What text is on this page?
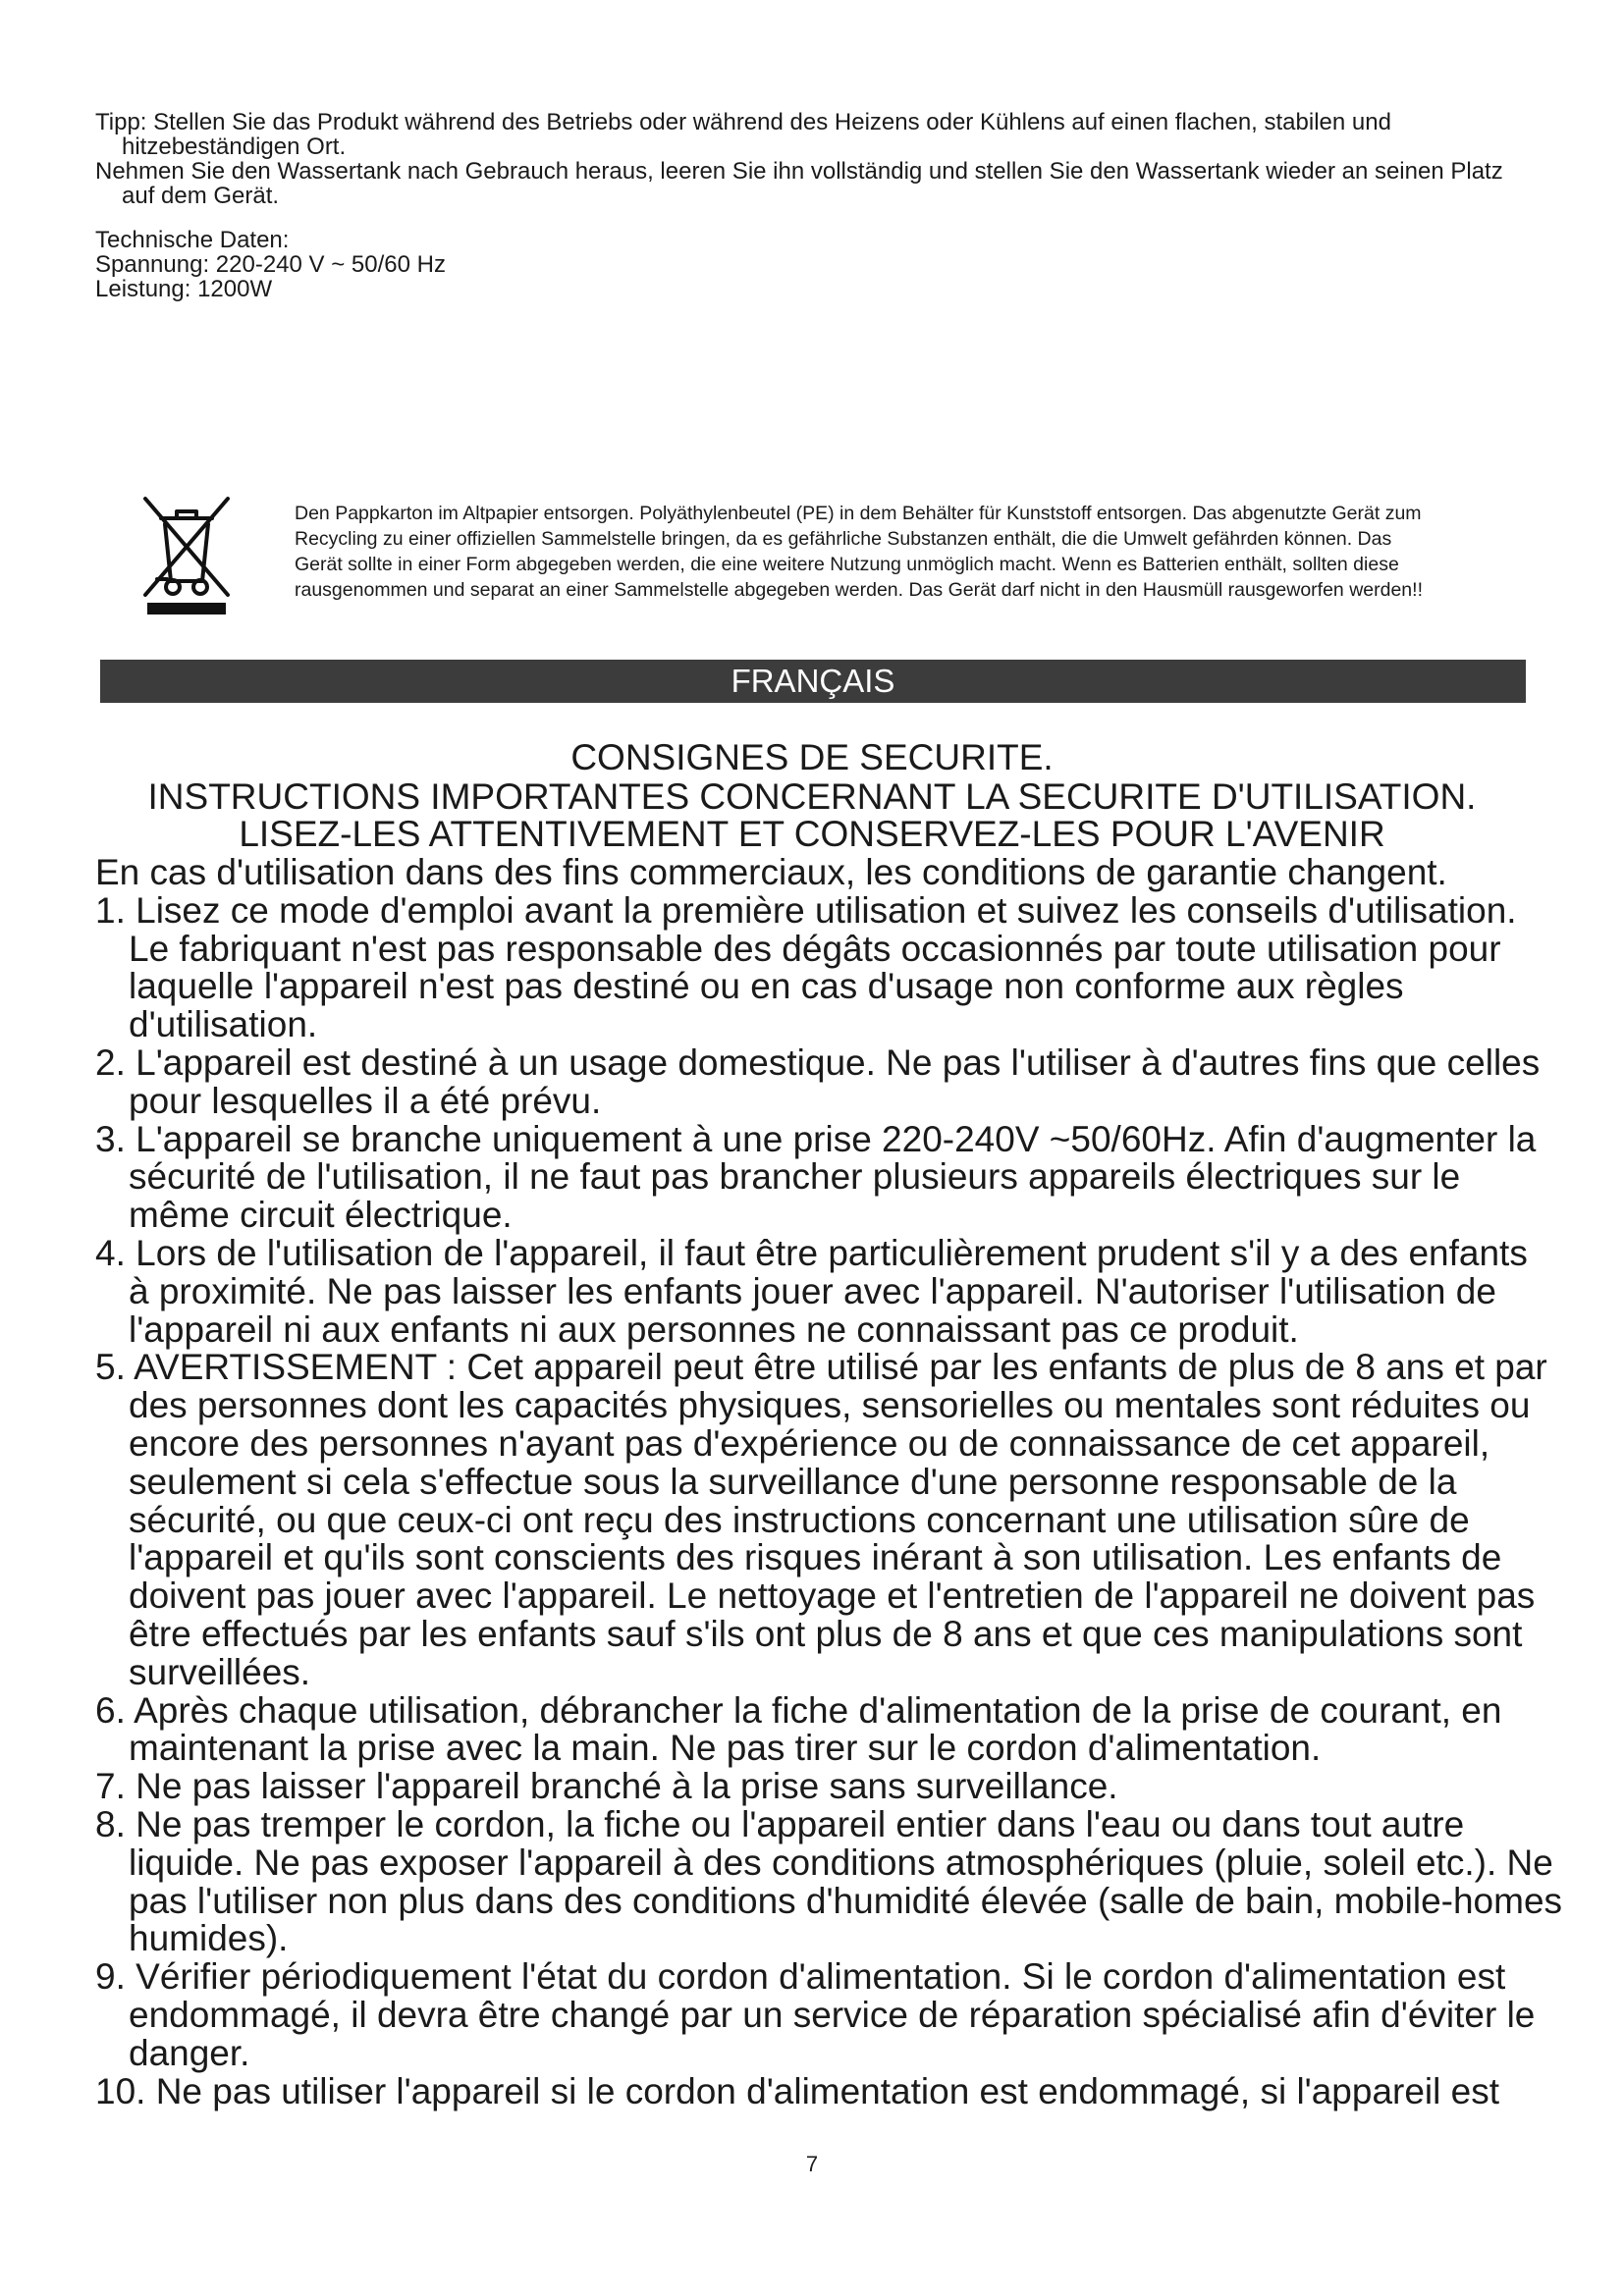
Tipp: Stellen Sie das Produkt während des Betriebs oder während des Heizens oder Kühlens auf einen flachen, stabilen und

hitzebeständigen Ort.

Nehmen Sie den Wassertank nach Gebrauch heraus, leeren Sie ihn vollständig und stellen Sie den Wassertank wieder an seinen Platz

auf dem Gerät.

Technische Daten:

Spannung: 220-240 V ~ 50/60 Hz

Leistung: 1200W

Den Pappkarton im Altpapier entsorgen. Polyäthylenbeutel (PE) in dem Behälter für Kunststoff entsorgen. Das abgenutzte Gerät zum

Recycling zu einer offiziellen Sammelstelle bringen, da es gefährliche Substanzen enthält, die die Umwelt gefährden können. Das

Gerät sollte in einer Form abgegeben werden, die eine weitere Nutzung unmöglich macht. Wenn es Batterien enthält, sollten diese

rausgenommen und separat an einer Sammelstelle abgegeben werden. Das Gerät darf nicht in den Hausmüll rausgeworfen werden!!

FRANÇAIS
CONSIGNES DE SECURITE.
INSTRUCTIONS IMPORTANTES CONCERNANT LA SECURITE D'UTILISATION.
LISEZ-LES ATTENTIVEMENT ET CONSERVEZ-LES POUR L'AVENIR

En cas d'utilisation dans des fins commerciaux, les conditions de garantie changent.

1. Lisez ce mode d'emploi avant la première utilisation et suivez les conseils d'utilisation.

Le fabriquant n'est pas responsable des dégâts occasionnés par toute utilisation pour

laquelle l'appareil n'est pas destiné ou en cas d'usage non conforme aux règles

d'utilisation.

2. L'appareil est destiné à un usage domestique. Ne pas l'utiliser à d'autres fins que celles

pour lesquelles il a été prévu.

3. L'appareil se branche uniquement à une prise 220-240V ~50/60Hz. Afin d'augmenter la

sécurité de l'utilisation, il ne faut pas brancher plusieurs appareils électriques sur le

même circuit électrique.

4. Lors de l'utilisation de l'appareil, il faut être particulièrement prudent s'il y a des enfants

à proximité. Ne pas laisser les enfants jouer avec l'appareil. N'autoriser l'utilisation de

l'appareil ni aux enfants ni aux personnes ne connaissant pas ce produit.

5. AVERTISSEMENT : Cet appareil peut être utilisé par les enfants de plus de 8 ans et par

des personnes dont les capacités physiques, sensorielles ou mentales sont réduites ou

encore des personnes n'ayant pas d'expérience ou de connaissance de cet appareil,

seulement si cela s'effectue sous la surveillance d'une personne responsable de la

sécurité, ou que ceux-ci ont reçu des instructions concernant une utilisation sûre de

l'appareil et qu'ils sont conscients des risques inérant à son utilisation. Les enfants de

doivent pas jouer avec l'appareil. Le nettoyage et l'entretien de l'appareil ne doivent pas

être effectués par les enfants sauf s'ils ont plus de 8 ans et que ces manipulations sont

surveillées.

6. Après chaque utilisation, débrancher la fiche d'alimentation de la prise de courant, en

maintenant la prise avec la main. Ne pas tirer sur le cordon d'alimentation.

7. Ne pas laisser l'appareil branché à la prise sans surveillance.

8. Ne pas tremper le cordon, la fiche ou l'appareil entier dans l'eau ou dans tout autre

liquide. Ne pas exposer l'appareil à des conditions atmosphériques (pluie, soleil etc.). Ne

pas l'utiliser non plus dans des conditions d'humidité élevée (salle de bain, mobile-homes

humides).

9. Vérifier périodiquement l'état du cordon d'alimentation. Si le cordon d'alimentation est

endommagé, il devra être changé par un service de réparation spécialisé afin d'éviter le

danger.

10. Ne pas utiliser l'appareil si le cordon d'alimentation est endommagé, si l'appareil est

7
